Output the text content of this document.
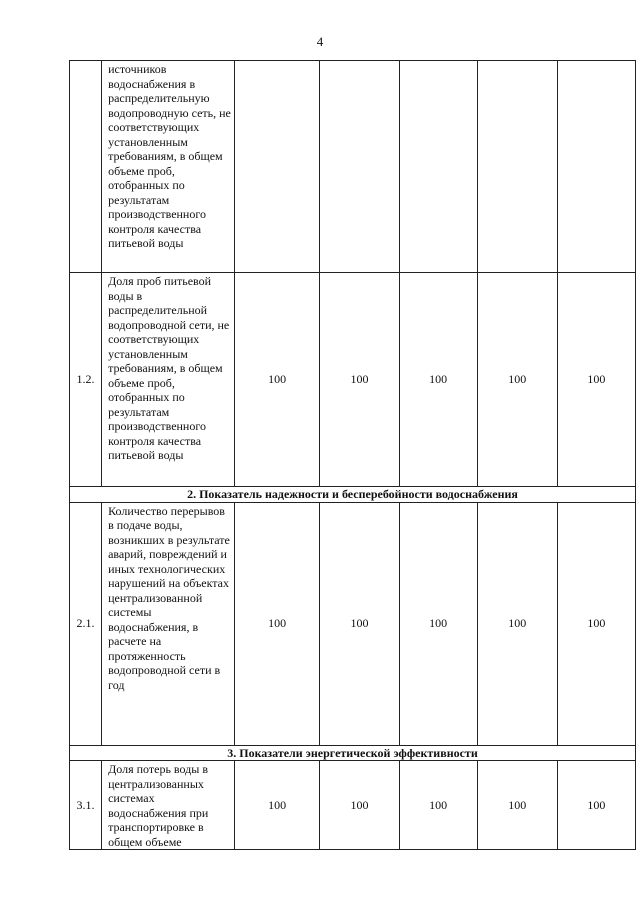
4
	источников водоснабжения в распределительную водопроводную сеть, не соответствующих установленным требованиям, в общем объеме проб, отобранных по результатам производственного контроля качества питьевой воды					
1.2.	Доля проб питьевой воды в распределительной водопроводной сети, не соответствующих установленным требованиям, в общем объеме проб, отобранных по результатам производственного контроля качества питьевой воды	100	100	100	100	100
2. Показатель надежности и бесперебойности водоснабжения						
2.1.	Количество перерывов в подаче воды, возникших в результате аварий, повреждений и иных технологических нарушений на объектах централизованной системы водоснабжения, в расчете на протяженность водопроводной сети в год	100	100	100	100	100
3. Показатели энергетической эффективности						
3.1.	Доля потерь воды в централизованных системах водоснабжения при транспортировке в общем объеме	100	100	100	100	100
